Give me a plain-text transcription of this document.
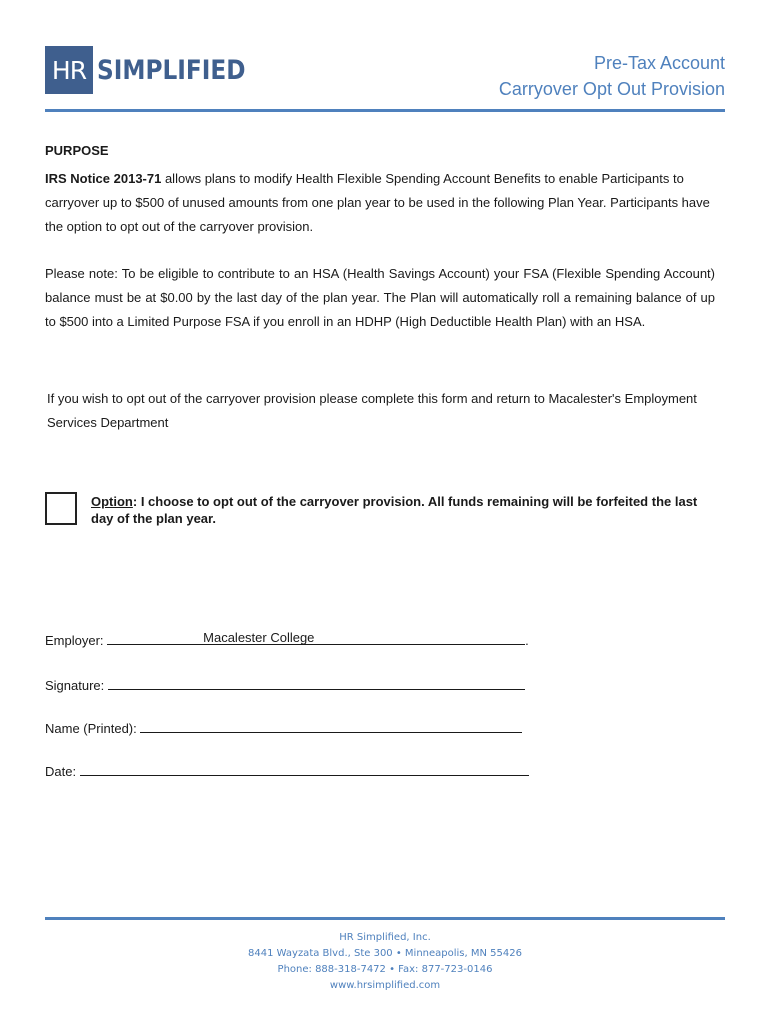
HR SIMPLIFIED	Pre-Tax Account
Carryover Opt Out Provision
PURPOSE
IRS Notice 2013-71 allows plans to modify Health Flexible Spending Account Benefits to enable Participants to carryover up to $500 of unused amounts from one plan year to be used in the following Plan Year. Participants have the option to opt out of the carryover provision.
Please note: To be eligible to contribute to an HSA (Health Savings Account) your FSA (Flexible Spending Account) balance must be at $0.00 by the last day of the plan year. The Plan will automatically roll a remaining balance of up to $500 into a Limited Purpose FSA if you enroll in an HDHP (High Deductible Health Plan) with an HSA.
If you wish to opt out of the carryover provision please complete this form and return to Macalester's Employment Services Department
Option: I choose to opt out of the carryover provision. All funds remaining will be forfeited the last day of the plan year.
Employer:	Macalester College	.
Signature:
Name (Printed):
Date:
HR Simplified, Inc.
8441 Wayzata Blvd., Ste 300 • Minneapolis, MN 55426
Phone: 888-318-7472 • Fax: 877-723-0146
www.hrsimplified.com
